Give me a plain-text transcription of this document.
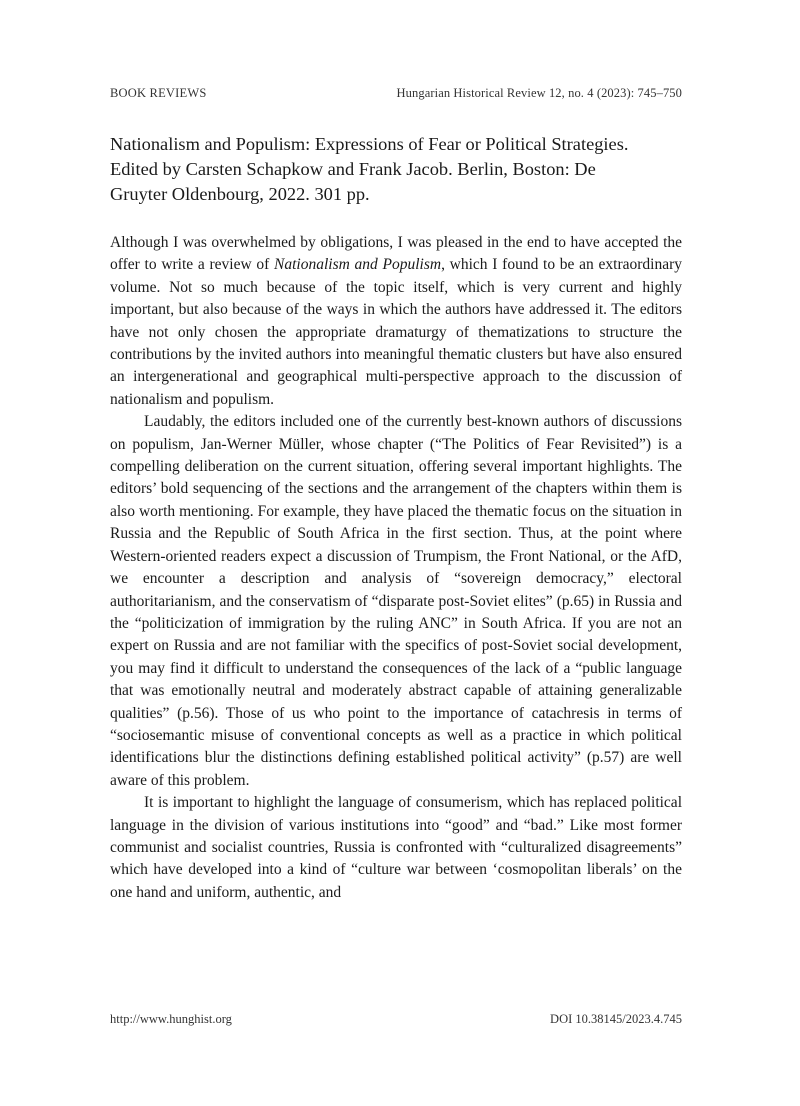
BOOK REVIEWS	Hungarian Historical Review 12, no. 4 (2023): 745–750
Nationalism and Populism: Expressions of Fear or Political Strategies.
Edited by Carsten Schapkow and Frank Jacob. Berlin, Boston: De
Gruyter Oldenbourg, 2022. 301 pp.

Although I was overwhelmed by obligations, I was pleased in the end to have accepted the offer to write a review of Nationalism and Populism, which I found to be an extraordinary volume. Not so much because of the topic itself, which is very current and highly important, but also because of the ways in which the authors have addressed it. The editors have not only chosen the appropriate dramaturgy of thematizations to structure the contributions by the invited authors into meaningful thematic clusters but have also ensured an intergenerational and geographical multi-perspective approach to the discussion of nationalism and populism.

Laudably, the editors included one of the currently best-known authors of discussions on populism, Jan-Werner Müller, whose chapter (“The Politics of Fear Revisited”) is a compelling deliberation on the current situation, offering several important highlights. The editors’ bold sequencing of the sections and the arrangement of the chapters within them is also worth mentioning. For example, they have placed the thematic focus on the situation in Russia and the Republic of South Africa in the first section. Thus, at the point where Western-oriented readers expect a discussion of Trumpism, the Front National, or the AfD, we encounter a description and analysis of “sovereign democracy,” electoral authoritarianism, and the conservatism of “disparate post-Soviet elites” (p.65) in Russia and the “politicization of immigration by the ruling ANC” in South Africa. If you are not an expert on Russia and are not familiar with the specifics of post-Soviet social development, you may find it difficult to understand the consequences of the lack of a “public language that was emotionally neutral and moderately abstract capable of attaining generalizable qualities” (p.56). Those of us who point to the importance of catachresis in terms of “sociosemantic misuse of conventional concepts as well as a practice in which political identifications blur the distinctions defining established political activity” (p.57) are well aware of this problem.

It is important to highlight the language of consumerism, which has replaced political language in the division of various institutions into “good” and “bad.” Like most former communist and socialist countries, Russia is confronted with “culturalized disagreements” which have developed into a kind of “culture war between ‘cosmopolitan liberals’ on the one hand and uniform, authentic, and

http://www.hunghist.org	DOI 10.38145/2023.4.745
